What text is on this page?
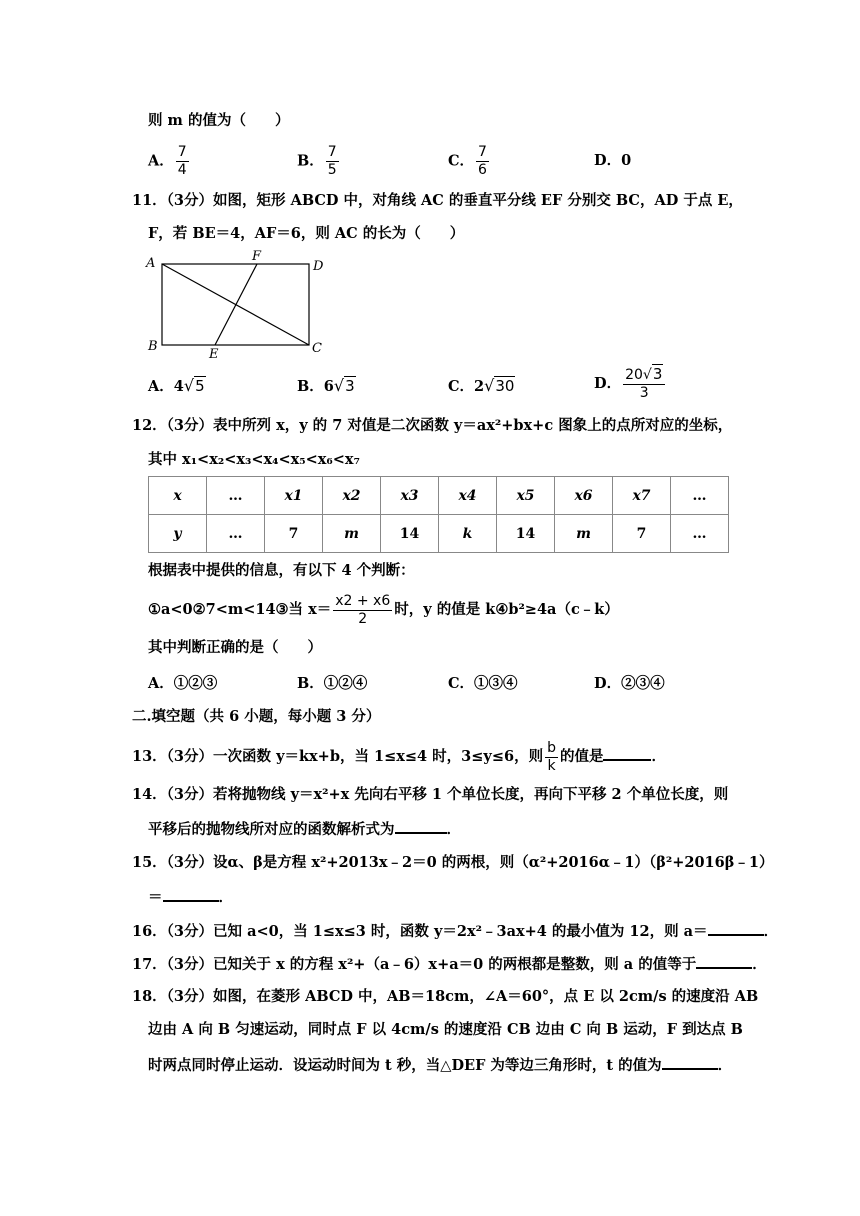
则 m 的值为（　　）
A． $\frac{7}{4}$	B． $\frac{7}{5}$	C． $\frac{7}{6}$	D．0
11．（3分）如图，矩形 ABCD 中，对角线 AC 的垂直平分线 EF 分别交 BC，AD 于点 E，
F，若 BE＝4，AF＝6，则 AC 的长为（　　）
A	F
D
B
E	C
A．4√5	B．6√3	C．2√30	D． $\frac{20√3}{3}$
12．（3分）表中所列 x，y 的 7 对值是二次函数 y＝ax²+bx+c 图象上的点所对应的坐标，
其中 x₁<x₂<x₃<x₄<x₅<x₆<x₇
x	…	x1	x2	x3	x4	x5	x6	x7	…
y	…	7	m	14	k	14	m	7	…
根据表中提供的信息，有以下 4 个判断：
①a<0②7<m<14③当 $x= \frac{x2 + x6}{2}$ 时，y 的值是 k④b²≥4a（c﹣k）
其中判断正确的是（　　）
A．①②③	B．①②④	C．①③④	D．②③④
二.填空题（共 6 小题，每小题 3 分）
13．（3分）一次函数 y＝kx+b，当 1≤x≤4 时，3≤y≤6，则 $\frac{b}{k}$ 的值是	．
14．（3分）若将抛物线 y＝x²+x 先向右平移 1 个单位长度，再向下平移 2 个单位长度，则
平移后的抛物线所对应的函数解析式为	．
15．（3分）设α、β是方程 x²+2013x﹣2＝0 的两根，则（α²+2016α﹣1）（β²+2016β﹣1）
＝	．
16．（3分）已知 a<0，当 1≤x≤3 时，函数 y＝2x²﹣3ax+4 的最小值为 12，则 a＝	．
17．（3分）已知关于 x 的方程 x²+（a﹣6）x+a＝0 的两根都是整数，则 a 的值等于	．
18．（3分）如图，在菱形 ABCD 中，AB＝18cm，∠A＝60°，点 E 以 2cm/s 的速度沿 AB
边由 A 向 B 匀速运动，同时点 F 以 4cm/s 的速度沿 CB 边由 C 向 B 运动，F 到达点 B
时两点同时停止运动．设运动时间为 t 秒，当△DEF 为等边三角形时，t 的值为	．
